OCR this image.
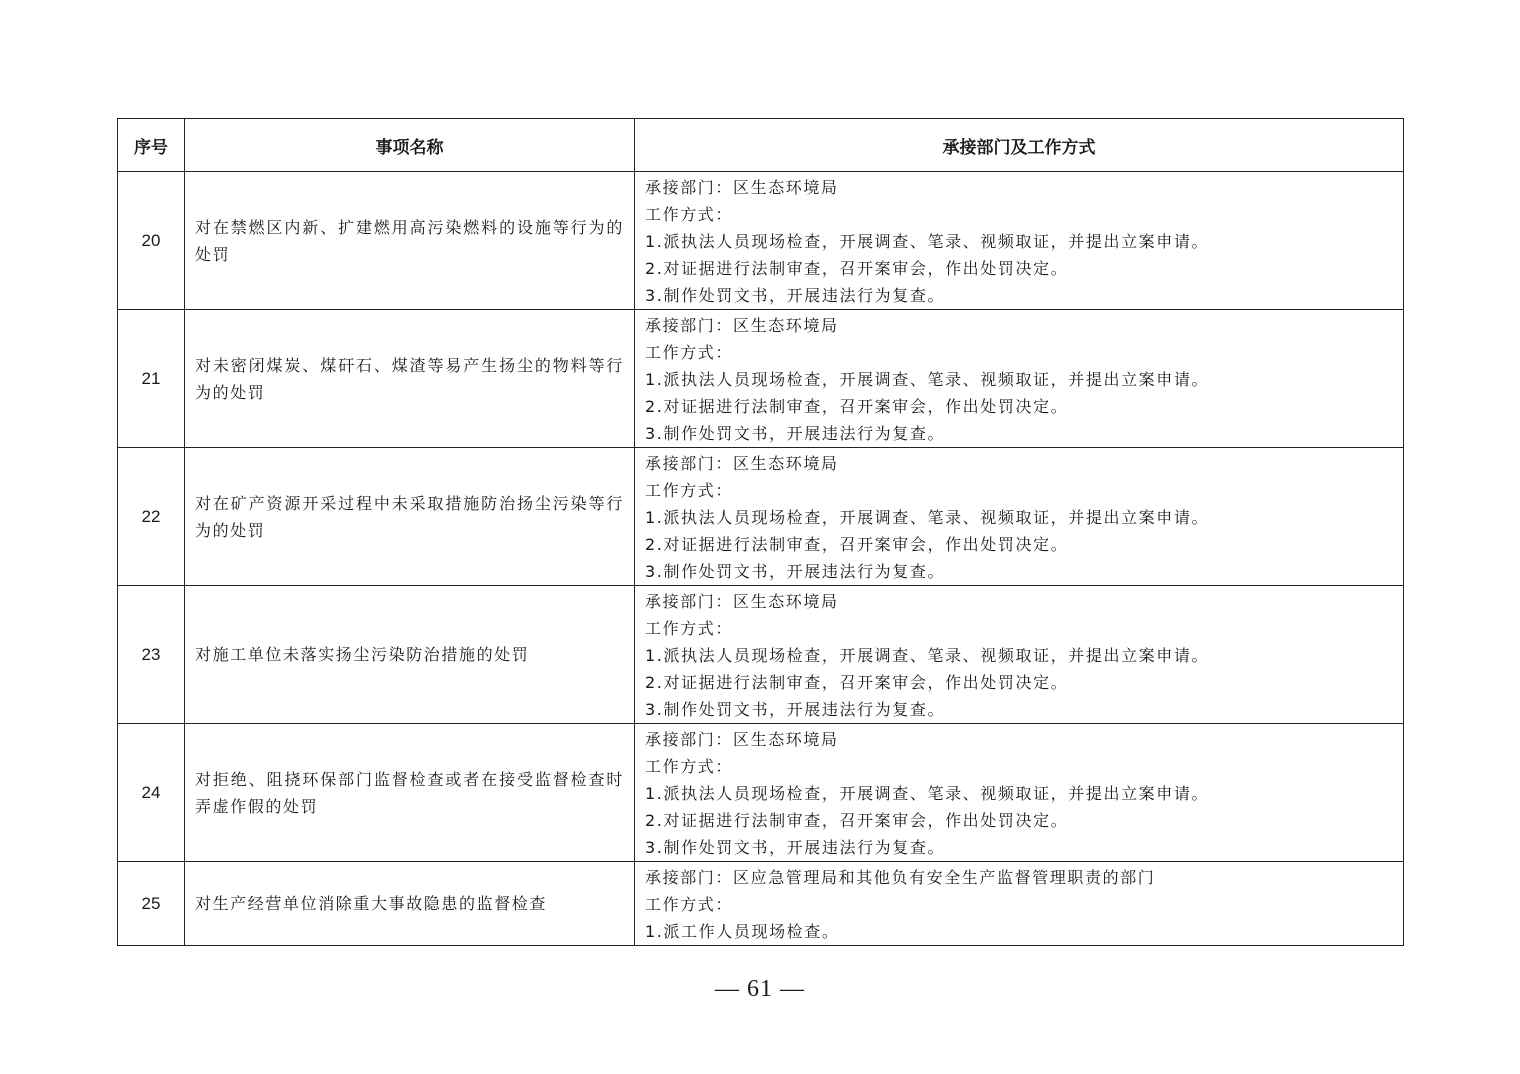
序号	事项名称	承接部门及工作方式
20	对在禁燃区内新、扩建燃用高污染燃料的设施等行为的处罚	承接部门：区生态环境局
工作方式：
1.派执法人员现场检查，开展调查、笔录、视频取证，并提出立案申请。
2.对证据进行法制审查，召开案审会，作出处罚决定。
3.制作处罚文书，开展违法行为复查。

21	对未密闭煤炭、煤矸石、煤渣等易产生扬尘的物料等行为的处罚	承接部门：区生态环境局
工作方式：
1.派执法人员现场检查，开展调查、笔录、视频取证，并提出立案申请。
2.对证据进行法制审查，召开案审会，作出处罚决定。
3.制作处罚文书，开展违法行为复查。

22	对在矿产资源开采过程中未采取措施防治扬尘污染等行为的处罚	承接部门：区生态环境局
工作方式：
1.派执法人员现场检查，开展调查、笔录、视频取证，并提出立案申请。
2.对证据进行法制审查，召开案审会，作出处罚决定。
3.制作处罚文书，开展违法行为复查。

23	对施工单位未落实扬尘污染防治措施的处罚	承接部门：区生态环境局
工作方式：
1.派执法人员现场检查，开展调查、笔录、视频取证，并提出立案申请。
2.对证据进行法制审查，召开案审会，作出处罚决定。
3.制作处罚文书，开展违法行为复查。

24	对拒绝、阻挠环保部门监督检查或者在接受监督检查时弄虚作假的处罚	承接部门：区生态环境局
工作方式：
1.派执法人员现场检查，开展调查、笔录、视频取证，并提出立案申请。
2.对证据进行法制审查，召开案审会，作出处罚决定。
3.制作处罚文书，开展违法行为复查。

25	对生产经营单位消除重大事故隐患的监督检查	承接部门：区应急管理局和其他负有安全生产监督管理职责的部门
工作方式：
1.派工作人员现场检查。
— 61 —
